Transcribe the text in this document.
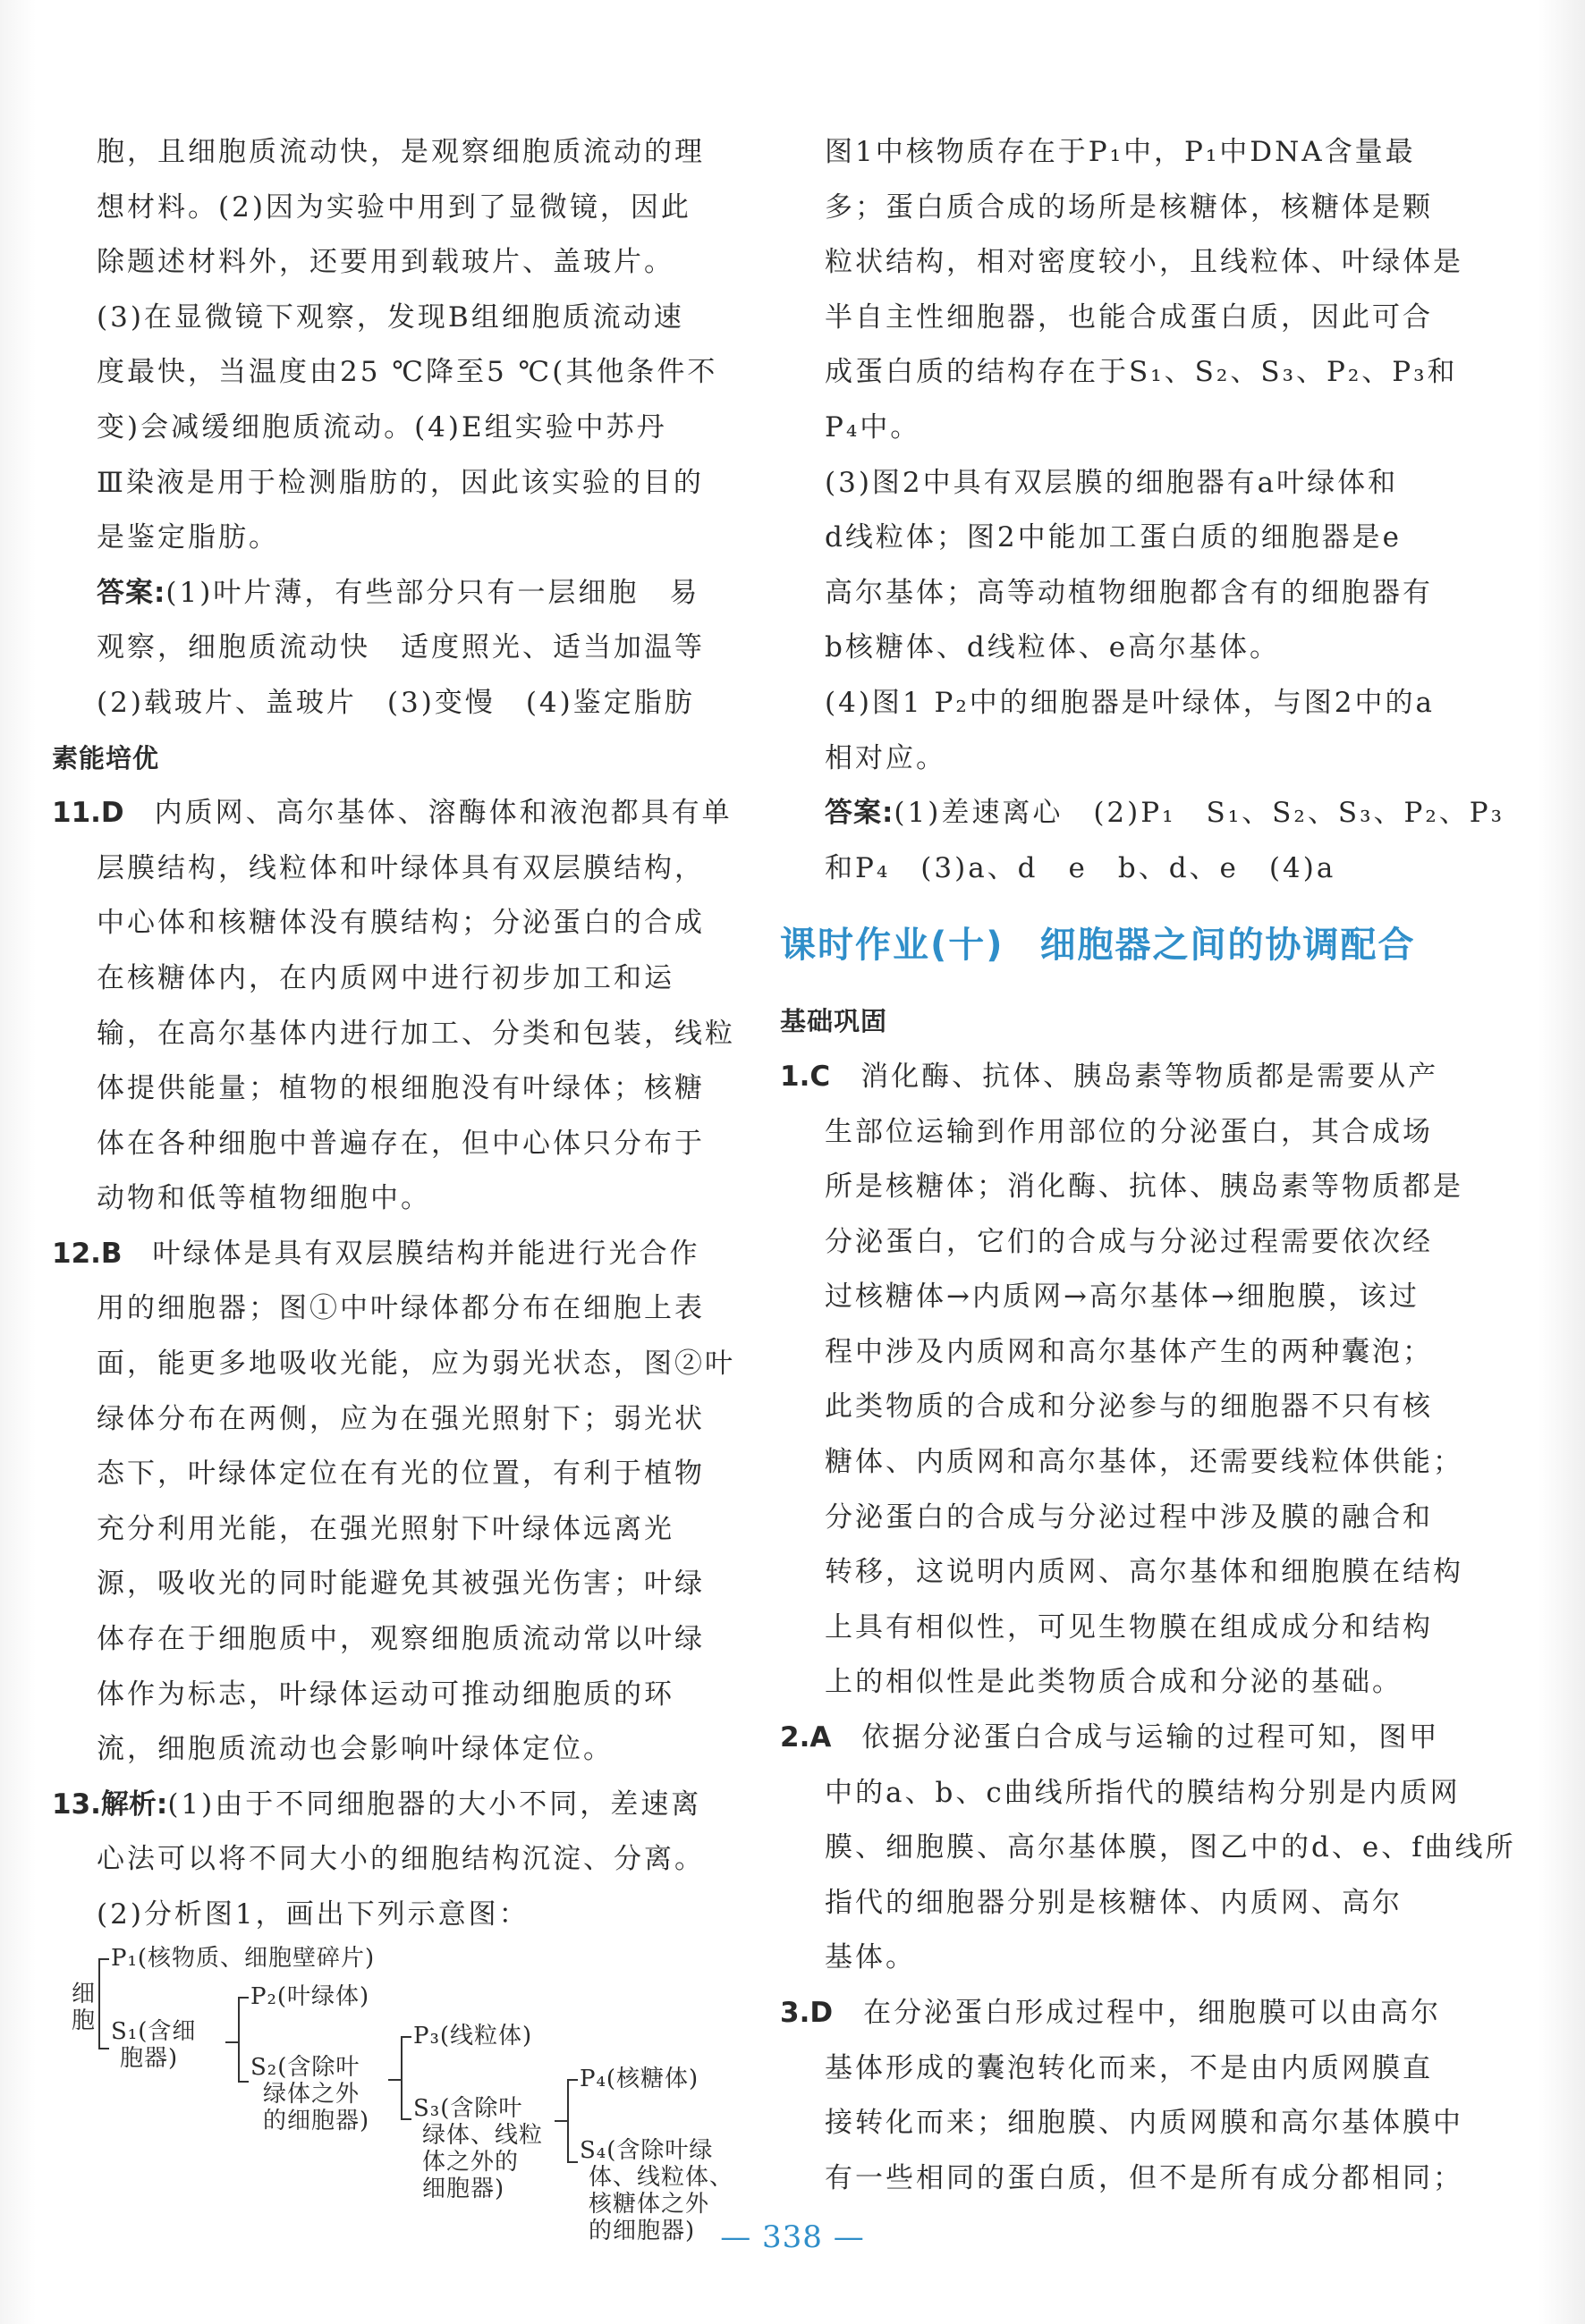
胞，且细胞质流动快，是观察细胞质流动的理
想材料。(2)因为实验中用到了显微镜，因此
除题述材料外，还要用到载玻片、盖玻片。
(3)在显微镜下观察，发现B组细胞质流动速
度最快，当温度由25 ℃降至5 ℃(其他条件不
变)会减缓细胞质流动。(4)E组实验中苏丹
Ⅲ染液是用于检测脂肪的，因此该实验的目的
是鉴定脂肪。
答案:(1)叶片薄，有些部分只有一层细胞　易
观察，细胞质流动快　适度照光、适当加温等
(2)载玻片、盖玻片　(3)变慢　(4)鉴定脂肪
素能培优
11.D　内质网、高尔基体、溶酶体和液泡都具有单
层膜结构，线粒体和叶绿体具有双层膜结构，
中心体和核糖体没有膜结构；分泌蛋白的合成
在核糖体内，在内质网中进行初步加工和运
输，在高尔基体内进行加工、分类和包装，线粒
体提供能量；植物的根细胞没有叶绿体；核糖
体在各种细胞中普遍存在，但中心体只分布于
动物和低等植物细胞中。
12.B　叶绿体是具有双层膜结构并能进行光合作
用的细胞器；图①中叶绿体都分布在细胞上表
面，能更多地吸收光能，应为弱光状态，图②叶
绿体分布在两侧，应为在强光照射下；弱光状
态下，叶绿体定位在有光的位置，有利于植物
充分利用光能，在强光照射下叶绿体远离光
源，吸收光的同时能避免其被强光伤害；叶绿
体存在于细胞质中，观察细胞质流动常以叶绿
体作为标志，叶绿体运动可推动细胞质的环
流，细胞质流动也会影响叶绿体定位。
13.解析:(1)由于不同细胞器的大小不同，差速离
心法可以将不同大小的细胞结构沉淀、分离。
(2)分析图1，画出下列示意图：
细
胞
P₁(核物质、细胞壁碎片)
S₁(含细
胞器)
P₂(叶绿体)
S₂(含除叶
绿体之外
的细胞器)
P₃(线粒体)
S₃(含除叶
绿体、线粒
体之外的
细胞器)
P₄(核糖体)
S₄(含除叶绿
体、线粒体、
核糖体之外
的细胞器)
图1中核物质存在于P₁中，P₁中DNA含量最
多；蛋白质合成的场所是核糖体，核糖体是颗
粒状结构，相对密度较小，且线粒体、叶绿体是
半自主性细胞器，也能合成蛋白质，因此可合
成蛋白质的结构存在于S₁、S₂、S₃、P₂、P₃和
P₄中。
(3)图2中具有双层膜的细胞器有a叶绿体和
d线粒体；图2中能加工蛋白质的细胞器是e
高尔基体；高等动植物细胞都含有的细胞器有
b核糖体、d线粒体、e高尔基体。
(4)图1 P₂中的细胞器是叶绿体，与图2中的a
相对应。
答案:(1)差速离心　(2)P₁　S₁、S₂、S₃、P₂、P₃
和P₄　(3)a、d　e　b、d、e　(4)a
课时作业(十) 细胞器之间的协调配合
基础巩固
1.C　消化酶、抗体、胰岛素等物质都是需要从产
生部位运输到作用部位的分泌蛋白，其合成场
所是核糖体；消化酶、抗体、胰岛素等物质都是
分泌蛋白，它们的合成与分泌过程需要依次经
过核糖体→内质网→高尔基体→细胞膜，该过
程中涉及内质网和高尔基体产生的两种囊泡；
此类物质的合成和分泌参与的细胞器不只有核
糖体、内质网和高尔基体，还需要线粒体供能；
分泌蛋白的合成与分泌过程中涉及膜的融合和
转移，这说明内质网、高尔基体和细胞膜在结构
上具有相似性，可见生物膜在组成成分和结构
上的相似性是此类物质合成和分泌的基础。
2.A　依据分泌蛋白合成与运输的过程可知，图甲
中的a、b、c曲线所指代的膜结构分别是内质网
膜、细胞膜、高尔基体膜，图乙中的d、e、f曲线所
指代的细胞器分别是核糖体、内质网、高尔
基体。
3.D　在分泌蛋白形成过程中，细胞膜可以由高尔
基体形成的囊泡转化而来，不是由内质网膜直
接转化而来；细胞膜、内质网膜和高尔基体膜中
有一些相同的蛋白质，但不是所有成分都相同；
— 338 —
